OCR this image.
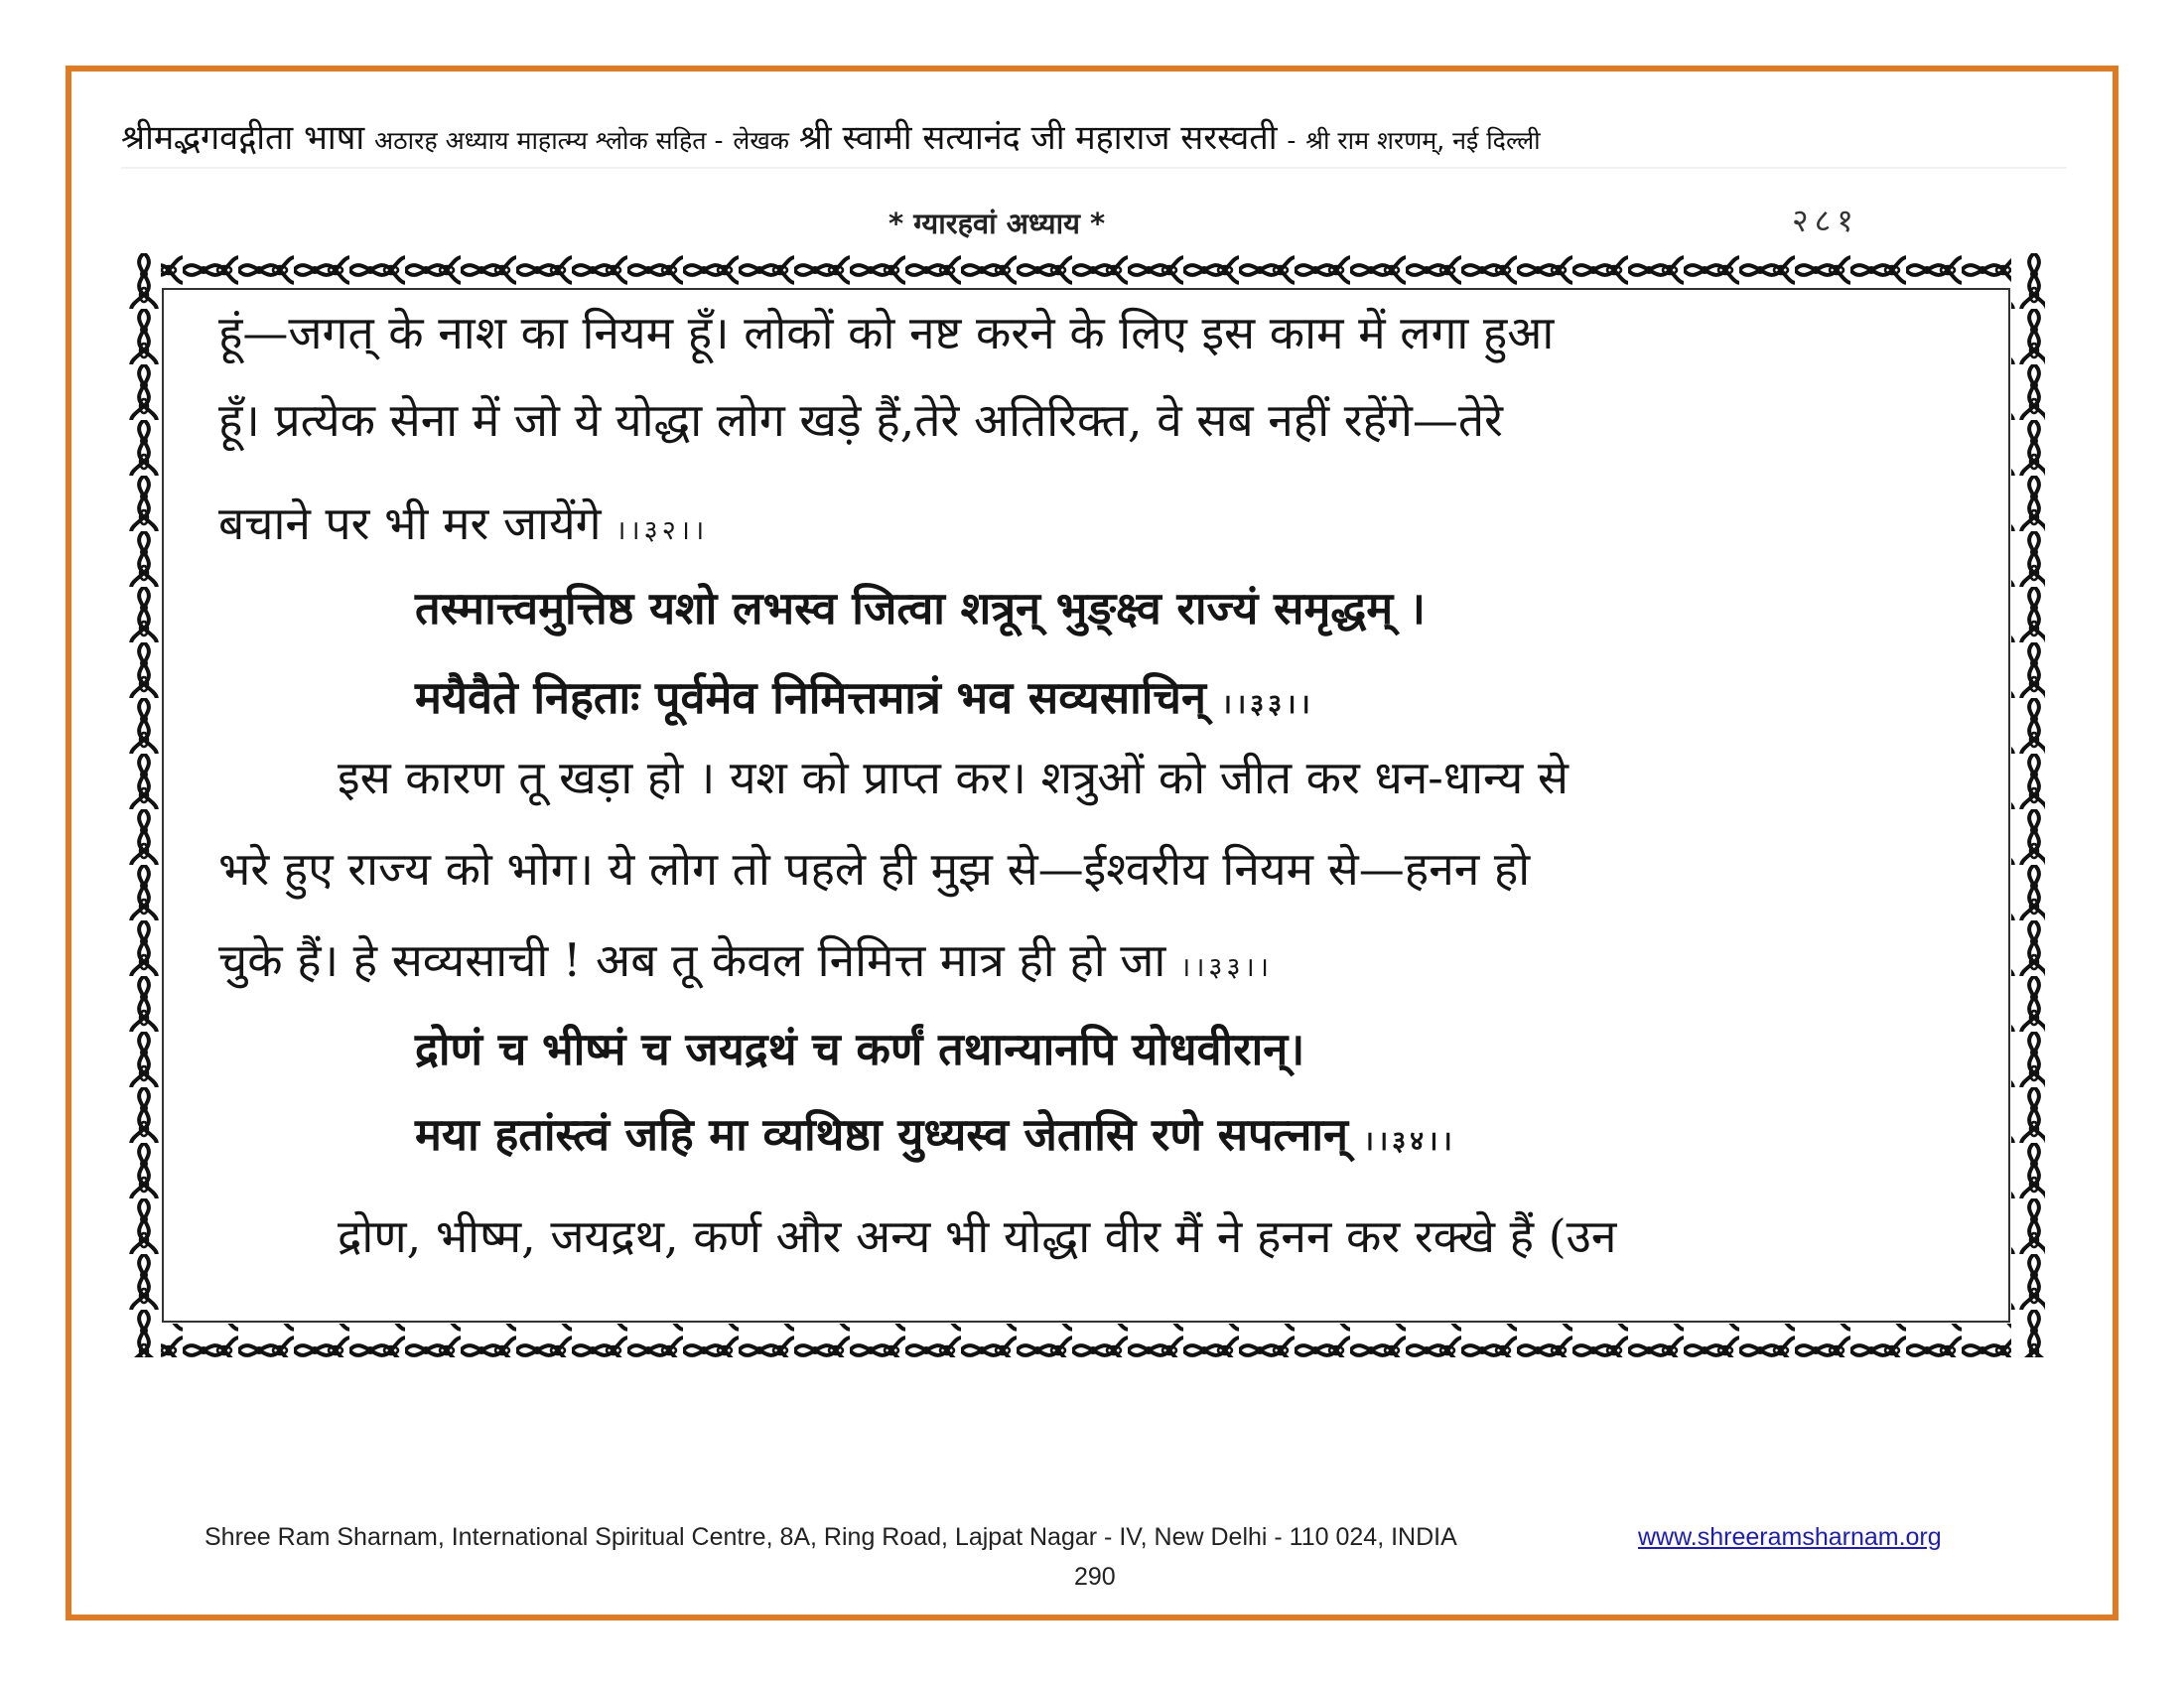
श्रीमद्भगवद्गीता भाषा अठारह अध्याय माहात्म्य श्लोक सहित - लेखक श्री स्वामी सत्यानंद जी महाराज सरस्वती - श्री राम शरणम्, नई दिल्ली
* ग्यारहवां अध्याय *	२८१
हूं—जगत् के नाश का नियम हूँ। लोकों को नष्ट करने के लिए इस काम में लगा हुआ
हूँ। प्रत्येक सेना में जो ये योद्धा लोग खड़े हैं,तेरे अतिरिक्त, वे सब नहीं रहेंगे—तेरे
बचाने पर भी मर जायेंगे ।।३२।।
तस्मात्त्वमुत्तिष्ठ यशो लभस्व जित्वा शत्रून् भुङ्क्ष्व राज्यं समृद्धम् ।
मयैवैते निहताः पूर्वमेव निमित्तमात्रं भव सव्यसाचिन् ।।३३।।
इस कारण तू खड़ा हो । यश को प्राप्त कर। शत्रुओं को जीत कर धन-धान्य से
भरे हुए राज्य को भोग। ये लोग तो पहले ही मुझ से—ईश्वरीय नियम से—हनन हो
चुके हैं। हे सव्यसाची ! अब तू केवल निमित्त मात्र ही हो जा ।।३३।।
द्रोणं च भीष्मं च जयद्रथं च कर्णं तथान्यानपि योधवीरान्।
मया हतांस्त्वं जहि मा व्यथिष्ठा युध्यस्व जेतासि रणे सपत्नान् ।।३४।।
द्रोण, भीष्म, जयद्रथ, कर्ण और अन्य भी योद्धा वीर मैं ने हनन कर रक्खे हैं (उन
Shree Ram Sharnam, International Spiritual Centre, 8A, Ring Road, Lajpat Nagar - IV, New Delhi - 110 024, INDIA	www.shreeramsharnam.org
290
